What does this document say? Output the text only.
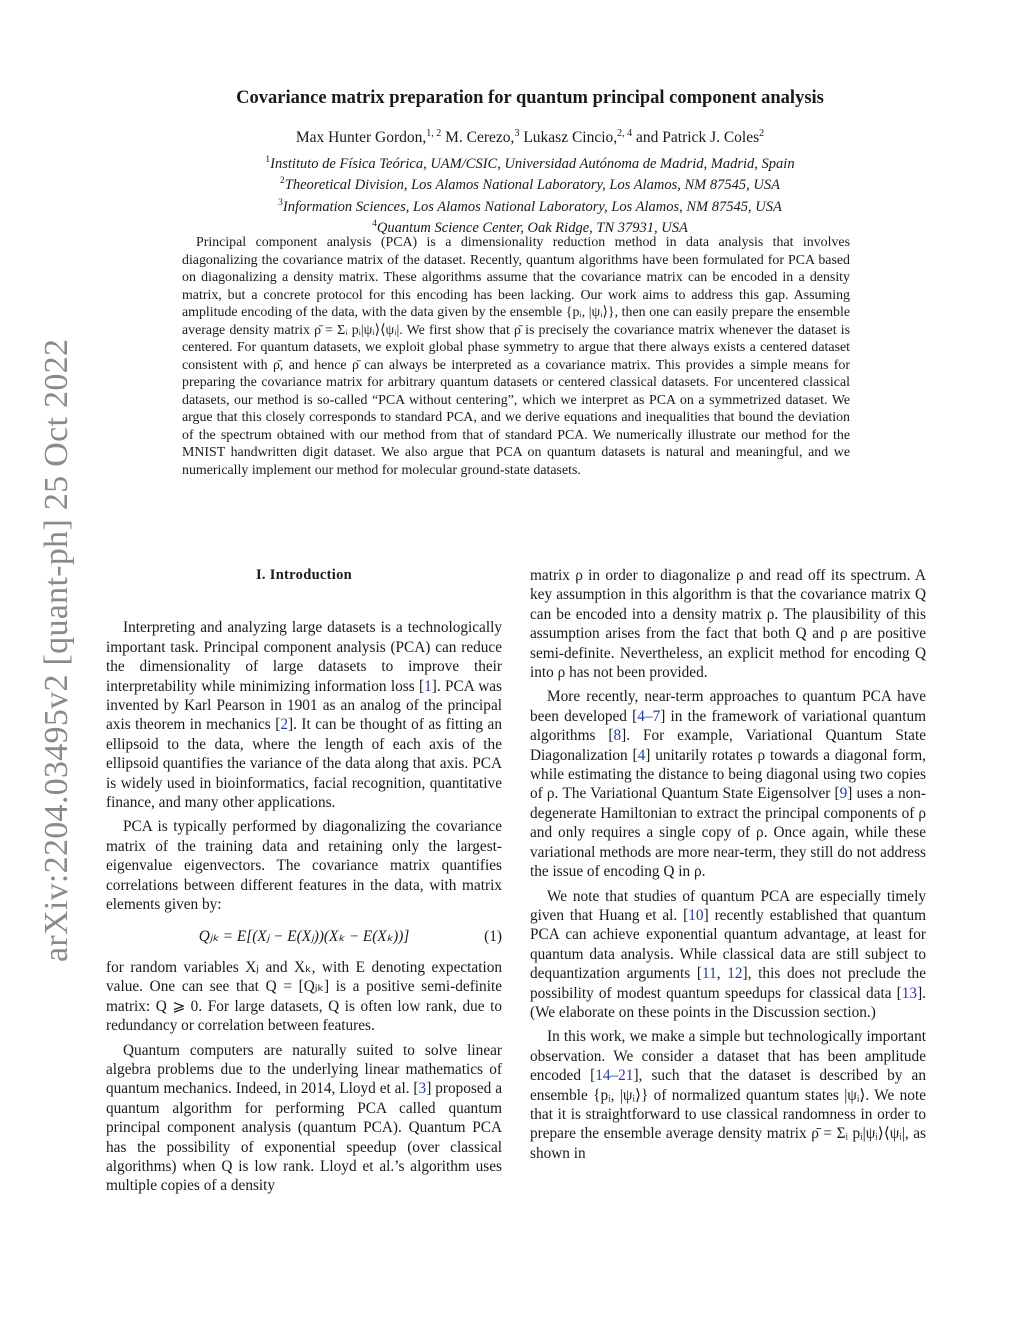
arXiv:2204.03495v2 [quant-ph] 25 Oct 2022
Covariance matrix preparation for quantum principal component analysis
Max Hunter Gordon,$^{1, 2}$ M. Cerezo,$^3$ Lukasz Cincio,$^{2, 4}$ and Patrick J. Coles$^2$
$^1$Instituto de Física Teórica, UAM/CSIC, Universidad Autónoma de Madrid, Madrid, Spain
$^2$Theoretical Division, Los Alamos National Laboratory, Los Alamos, NM 87545, USA
$^3$Information Sciences, Los Alamos National Laboratory, Los Alamos, NM 87545, USA
$^4$Quantum Science Center, Oak Ridge, TN 37931, USA
Principal component analysis (PCA) is a dimensionality reduction method in data analysis that involves diagonalizing the covariance matrix of the dataset. Recently, quantum algorithms have been formulated for PCA based on diagonalizing a density matrix. These algorithms assume that the covariance matrix can be encoded in a density matrix, but a concrete protocol for this encoding has been lacking. Our work aims to address this gap. Assuming amplitude encoding of the data, with the data given by the ensemble {pᵢ, |ψᵢ⟩}, then one can easily prepare the ensemble average density matrix ρ̄ = Σᵢ pᵢ|ψᵢ⟩⟨ψᵢ|. We first show that ρ̄ is precisely the covariance matrix whenever the dataset is centered. For quantum datasets, we exploit global phase symmetry to argue that there always exists a centered dataset consistent with ρ̄, and hence ρ̄ can always be interpreted as a covariance matrix. This provides a simple means for preparing the covariance matrix for arbitrary quantum datasets or centered classical datasets. For uncentered classical datasets, our method is so-called “PCA without centering”, which we interpret as PCA on a symmetrized dataset. We argue that this closely corresponds to standard PCA, and we derive equations and inequalities that bound the deviation of the spectrum obtained with our method from that of standard PCA. We numerically illustrate our method for the MNIST handwritten digit dataset. We also argue that PCA on quantum datasets is natural and meaningful, and we numerically implement our method for molecular ground-state datasets.
I. Introduction

Interpreting and analyzing large datasets is a technologically important task. Principal component analysis (PCA) can reduce the dimensionality of large datasets to improve their interpretability while minimizing information loss [1]. PCA was invented by Karl Pearson in 1901 as an analog of the principal axis theorem in mechanics [2]. It can be thought of as fitting an ellipsoid to the data, where the length of each axis of the ellipsoid quantifies the variance of the data along that axis. PCA is widely used in bioinformatics, facial recognition, quantitative finance, and many other applications.

PCA is typically performed by diagonalizing the covariance matrix of the training data and retaining only the largest-eigenvalue eigenvectors. The covariance matrix quantifies correlations between different features in the data, with matrix elements given by:

Qⱼₖ = E[(Xⱼ − E(Xⱼ))(Xₖ − E(Xₖ))]	(1)

for random variables Xⱼ and Xₖ, with E denoting expectation value. One can see that Q = [Qⱼₖ] is a positive semi-definite matrix: Q ⩾ 0. For large datasets, Q is often low rank, due to redundancy or correlation between features.

Quantum computers are naturally suited to solve linear algebra problems due to the underlying linear mathematics of quantum mechanics. Indeed, in 2014, Lloyd et al. [3] proposed a quantum algorithm for performing PCA called quantum principal component analysis (quantum PCA). Quantum PCA has the possibility of exponential speedup (over classical algorithms) when Q is low rank. Lloyd et al.’s algorithm uses multiple copies of a density

matrix ρ in order to diagonalize ρ and read off its spectrum. A key assumption in this algorithm is that the covariance matrix Q can be encoded into a density matrix ρ. The plausibility of this assumption arises from the fact that both Q and ρ are positive semi-definite. Nevertheless, an explicit method for encoding Q into ρ has not been provided.

More recently, near-term approaches to quantum PCA have been developed [4–7] in the framework of variational quantum algorithms [8]. For example, Variational Quantum State Diagonalization [4] unitarily rotates ρ towards a diagonal form, while estimating the distance to being diagonal using two copies of ρ. The Variational Quantum State Eigensolver [9] uses a non-degenerate Hamiltonian to extract the principal components of ρ and only requires a single copy of ρ. Once again, while these variational methods are more near-term, they still do not address the issue of encoding Q in ρ.

We note that studies of quantum PCA are especially timely given that Huang et al. [10] recently established that quantum PCA can achieve exponential quantum advantage, at least for quantum data analysis. While classical data are still subject to dequantization arguments [11, 12], this does not preclude the possibility of modest quantum speedups for classical data [13]. (We elaborate on these points in the Discussion section.)

In this work, we make a simple but technologically important observation. We consider a dataset that has been amplitude encoded [14–21], such that the dataset is described by an ensemble {pᵢ, |ψᵢ⟩} of normalized quantum states |ψᵢ⟩. We note that it is straightforward to use classical randomness in order to prepare the ensemble average density matrix ρ̄ = Σᵢ pᵢ|ψᵢ⟩⟨ψᵢ|, as shown in
